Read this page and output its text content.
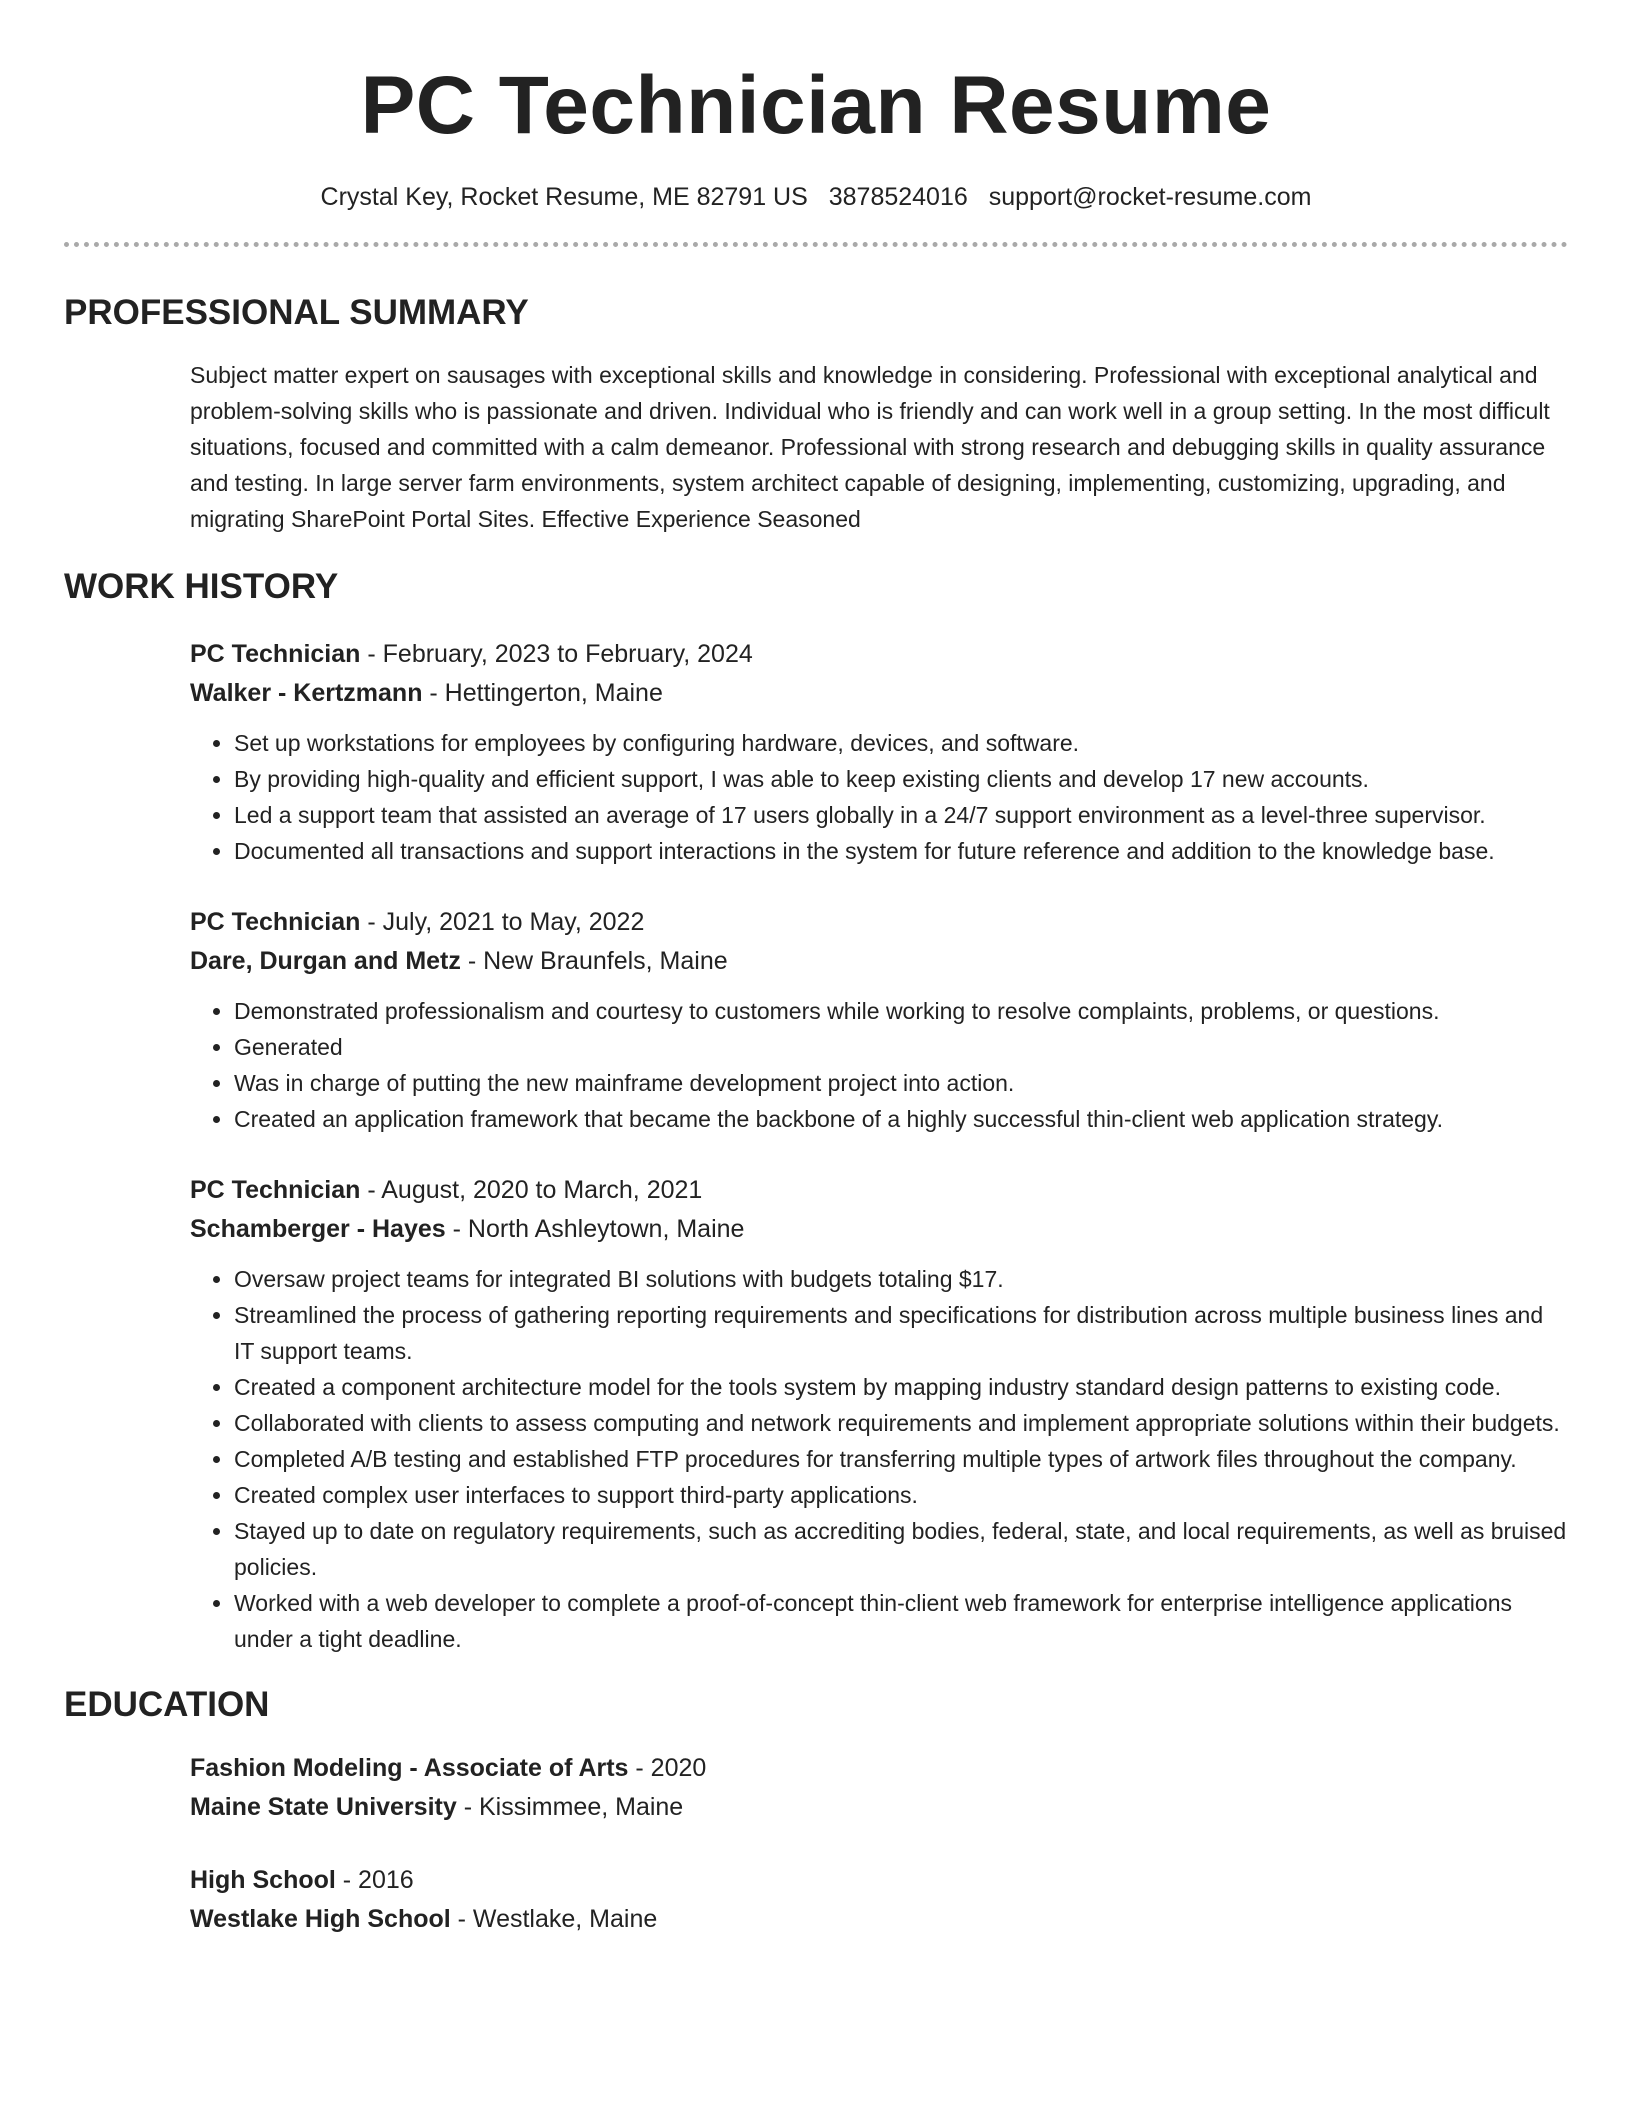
PC Technician Resume
Crystal Key, Rocket Resume, ME 82791 US 3878524016 support@rocket-resume.com
PROFESSIONAL SUMMARY
Subject matter expert on sausages with exceptional skills and knowledge in considering. Professional with exceptional analytical and problem-solving skills who is passionate and driven. Individual who is friendly and can work well in a group setting. In the most difficult situations, focused and committed with a calm demeanor. Professional with strong research and debugging skills in quality assurance and testing. In large server farm environments, system architect capable of designing, implementing, customizing, upgrading, and migrating SharePoint Portal Sites. Effective Experience Seasoned
WORK HISTORY
PC Technician - February, 2023 to February, 2024
Walker - Kertzmann - Hettingerton, Maine
• Set up workstations for employees by configuring hardware, devices, and software.
• By providing high-quality and efficient support, I was able to keep existing clients and develop 17 new accounts.
• Led a support team that assisted an average of 17 users globally in a 24/7 support environment as a level-three supervisor.
• Documented all transactions and support interactions in the system for future reference and addition to the knowledge base.
PC Technician - July, 2021 to May, 2022
Dare, Durgan and Metz - New Braunfels, Maine
• Demonstrated professionalism and courtesy to customers while working to resolve complaints, problems, or questions.
• Generated
• Was in charge of putting the new mainframe development project into action.
• Created an application framework that became the backbone of a highly successful thin-client web application strategy.
PC Technician - August, 2020 to March, 2021
Schamberger - Hayes - North Ashleytown, Maine
• Oversaw project teams for integrated BI solutions with budgets totaling $17.
• Streamlined the process of gathering reporting requirements and specifications for distribution across multiple business lines and IT support teams.
• Created a component architecture model for the tools system by mapping industry standard design patterns to existing code.
• Collaborated with clients to assess computing and network requirements and implement appropriate solutions within their budgets.
• Completed A/B testing and established FTP procedures for transferring multiple types of artwork files throughout the company.
• Created complex user interfaces to support third-party applications.
• Stayed up to date on regulatory requirements, such as accrediting bodies, federal, state, and local requirements, as well as bruised policies.
• Worked with a web developer to complete a proof-of-concept thin-client web framework for enterprise intelligence applications under a tight deadline.
EDUCATION
Fashion Modeling - Associate of Arts - 2020
Maine State University - Kissimmee, Maine
High School - 2016
Westlake High School - Westlake, Maine
